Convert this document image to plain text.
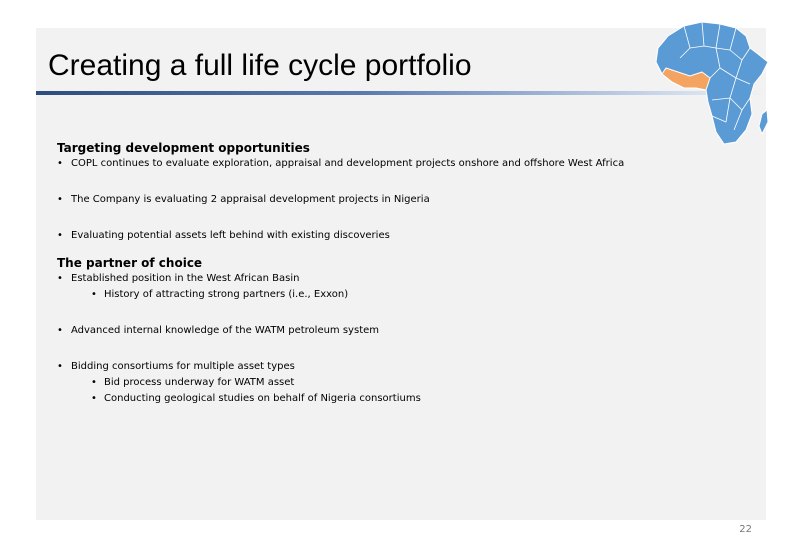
Creating a full life cycle portfolio
Targeting development opportunities
• COPL continues to evaluate exploration, appraisal and development projects onshore and offshore West Africa
• The Company is evaluating 2 appraisal development projects in Nigeria
• Evaluating potential assets left behind with existing discoveries
The partner of choice
• Established position in the West African Basin
• History of attracting strong partners (i.e., Exxon)
• Advanced internal knowledge of the WATM petroleum system
• Bidding consortiums for multiple asset types
• Bid process underway for WATM asset
• Conducting geological studies on behalf of Nigeria consortiums
22
